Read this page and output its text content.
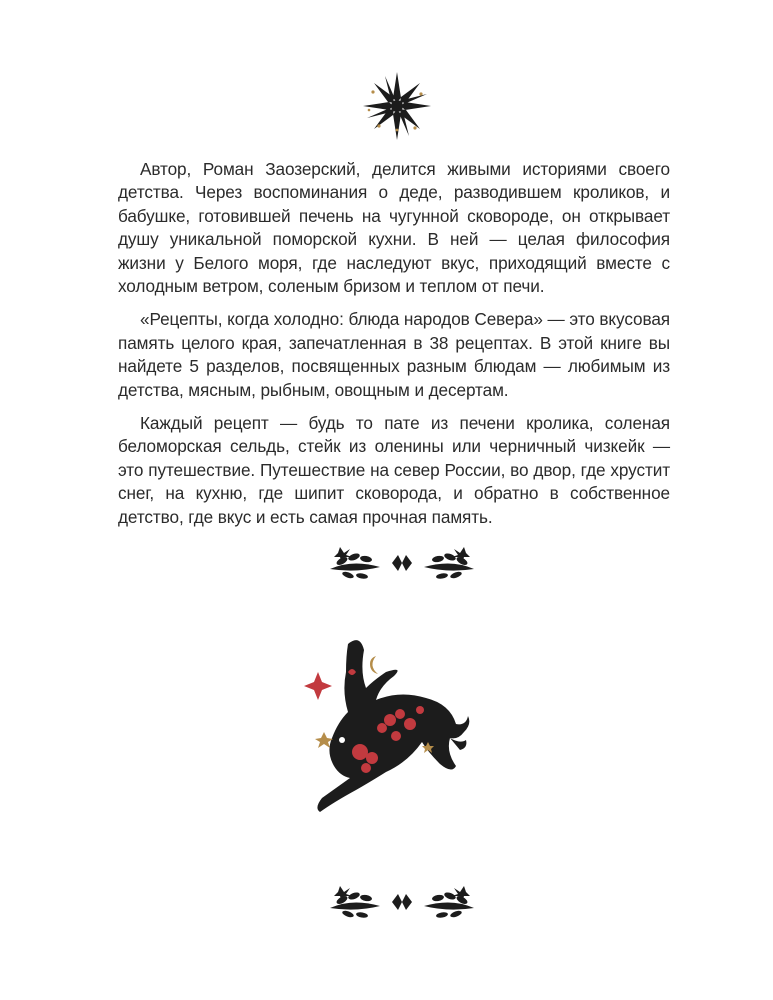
Автор, Роман Заозерский, делится живыми историями своего детства. Через воспоминания о деде, разводившем кроликов, и бабушке, готовившей печень на чугунной сковороде, он открывает душу уникальной поморской кухни. В ней — целая философия жизни у Белого моря, где наследуют вкус, приходящий вместе с холодным ветром, соленым бризом и теплом от печи.

«Рецепты, когда холодно: блюда народов Севера» — это вкусовая память целого края, запечатленная в 38 рецептах. В этой книге вы найдете 5 разделов, посвященных разным блюдам — любимым из детства, мясным, рыбным, овощным и десертам.

Каждый рецепт — будь то пате из печени кролика, соленая беломорская сельдь, стейк из оленины или черничный чизкейк — это путешествие. Путешествие на север России, во двор, где хрустит снег, на кухню, где шипит сковорода, и обратно в собственное детство, где вкус и есть самая прочная память.
